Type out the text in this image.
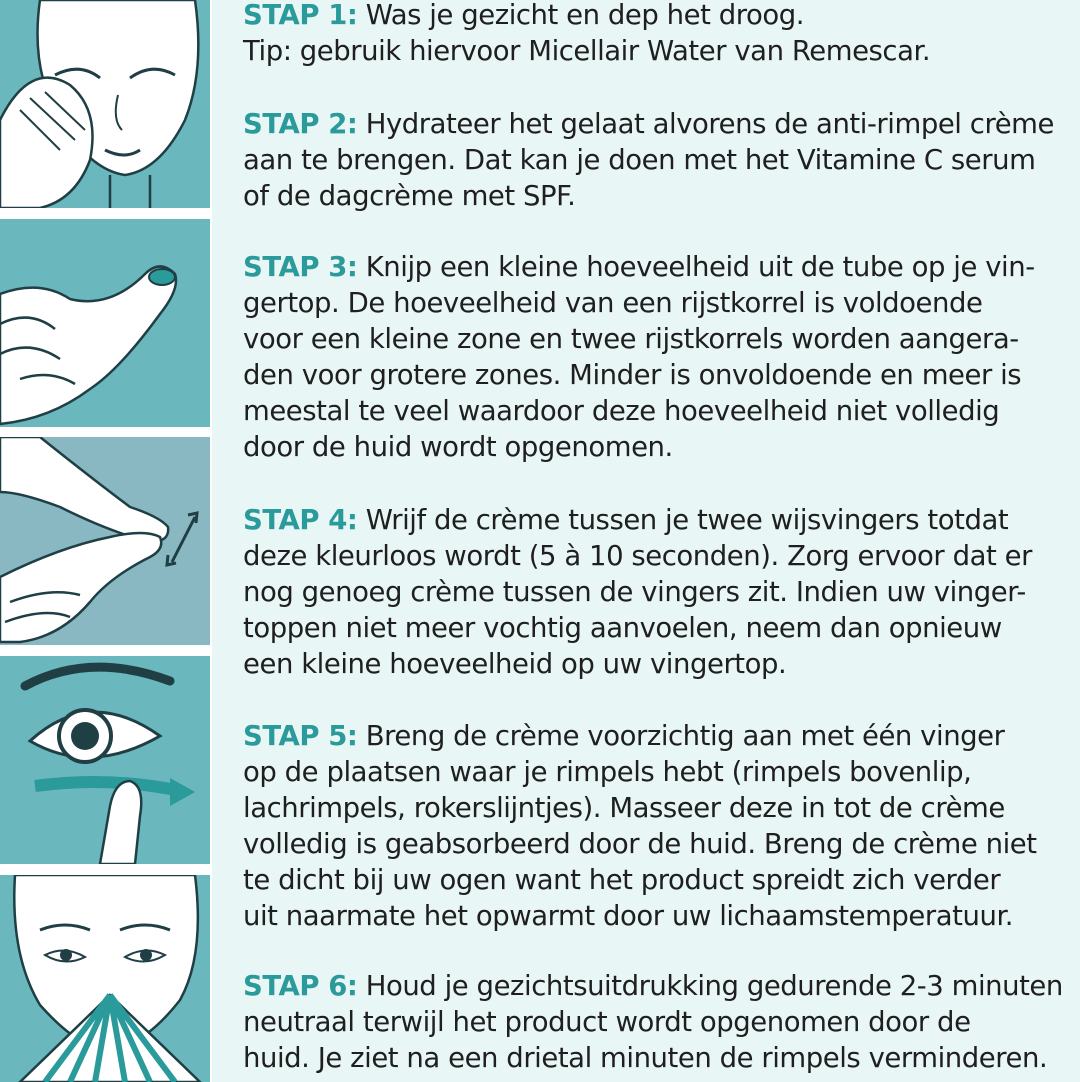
STAP 1: Was je gezicht en dep het droog.
Tip: gebruik hiervoor Micellair Water van Remescar.
STAP 2: Hydrateer het gelaat alvorens de anti-rimpel crème
aan te brengen. Dat kan je doen met het Vitamine C serum
of de dagcrème met SPF.
STAP 3: Knijp een kleine hoeveelheid uit de tube op je vin-
gertop. De hoeveelheid van een rijstkorrel is voldoende
voor een kleine zone en twee rijstkorrels worden aangera-
den voor grotere zones. Minder is onvoldoende en meer is
meestal te veel waardoor deze hoeveelheid niet volledig
door de huid wordt opgenomen.
STAP 4: Wrijf de crème tussen je twee wijsvingers totdat
deze kleurloos wordt (5 à 10 seconden). Zorg ervoor dat er
nog genoeg crème tussen de vingers zit. Indien uw vinger-
toppen niet meer vochtig aanvoelen, neem dan opnieuw
een kleine hoeveelheid op uw vingertop.
STAP 5: Breng de crème voorzichtig aan met één vinger
op de plaatsen waar je rimpels hebt (rimpels bovenlip,
lachrimpels, rokerslijntjes). Masseer deze in tot de crème
volledig is geabsorbeerd door de huid. Breng de crème niet
te dicht bij uw ogen want het product spreidt zich verder
uit naarmate het opwarmt door uw lichaamstemperatuur.
STAP 6: Houd je gezichtsuitdrukking gedurende 2-3 minuten
neutraal terwijl het product wordt opgenomen door de
huid. Je ziet na een drietal minuten de rimpels verminderen.
